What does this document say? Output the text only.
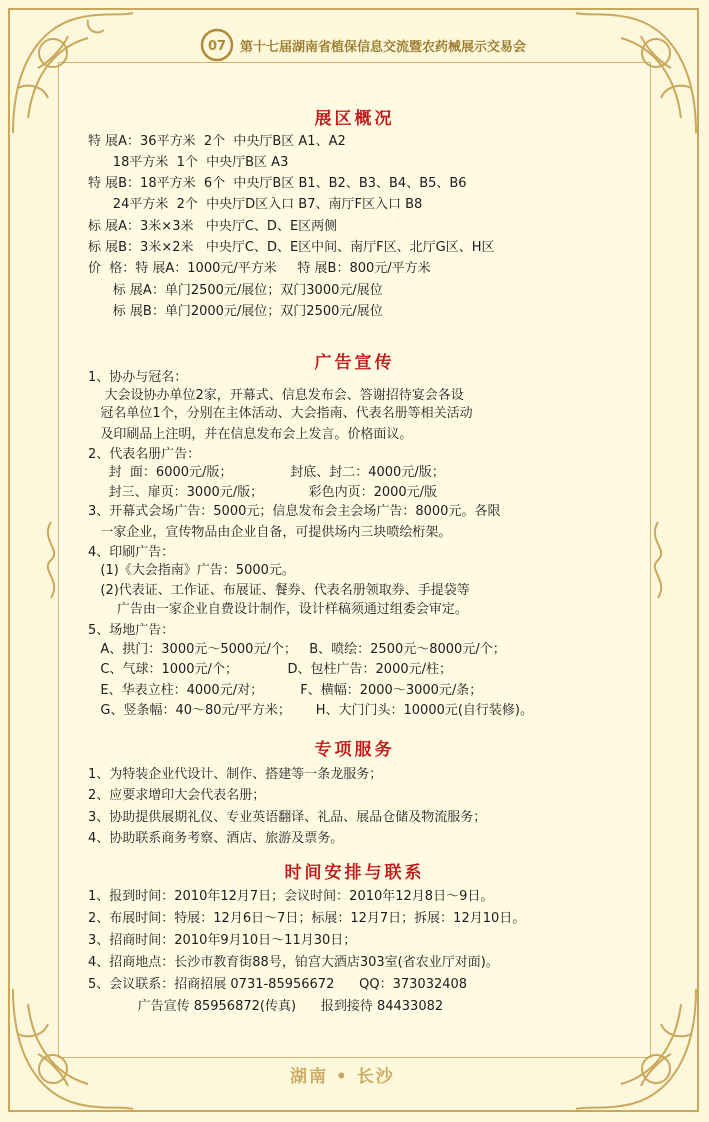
07 第十七届湖南省植保信息交流暨农药械展示交易会
展区概况
广告宣传
专项服务
时间安排与联系
特 展A：36平方米  2个  中央厅B区 A1、A2
18平方米  1个  中央厅B区 A3
特 展B：18平方米  6个  中央厅B区 B1、B2、B3、B4、B5、B6
24平方米  2个  中央厅D区入口 B7、南厅F区入口 B8
标 展A：3米×3米   中央厅C、D、E区两侧
标 展B：3米×2米   中央厅C、D、E区中间、南厅F区、北厅G区、H区
价  格：特 展A：1000元/平方米     特 展B：800元/平方米
标 展A：单门2500元/展位；双门3000元/展位
标 展B：单门2000元/展位；双门2500元/展位
1、协办与冠名：
大会设协办单位2家，开幕式、信息发布会、答谢招待宴会各设
冠名单位1个，分别在主体活动、大会指南、代表名册等相关活动
及印刷品上注明，并在信息发布会上发言。价格面议。
2、代表名册广告：
封  面：6000元/版；              封底、封二：4000元/版；
封三、扉页：3000元/版；           彩色内页：2000元/版
3、开幕式会场广告：5000元；信息发布会主会场广告：8000元。各限
一家企业，宣传物品由企业自备，可提供场内三块喷绘桁架。
4、印刷广告：
(1)《大会指南》广告：5000元。
(2)代表证、工作证、布展证、餐券、代表名册领取券、手提袋等
广告由一家企业自费设计制作，设计样稿须通过组委会审定。
5、场地广告：
A、拱门：3000元～5000元/个；   B、喷绘：2500元～8000元/个；
C、气球：1000元/个；            D、包柱广告：2000元/柱；
E、华表立柱：4000元/对；         F、横幅：2000～3000元/条；
G、竖条幅：40～80元/平方米；      H、大门门头：10000元(自行装修)。
1、为特装企业代设计、制作、搭建等一条龙服务；
2、应要求增印大会代表名册；
3、协助提供展期礼仪、专业英语翻译、礼品、展品仓储及物流服务；
4、协助联系商务考察、酒店、旅游及票务。
1、报到时间：2010年12月7日；会议时间：2010年12月8日～9日。
2、布展时间：特展：12月6日～7日；标展：12月7日；拆展：12月10日。
3、招商时间：2010年9月10日～11月30日；
4、招商地点：长沙市教育街88号，铂宫大酒店303室(省农业厅对面)。
5、会议联系：招商招展 0731-85956672      QQ：373032408
广告宣传 85956872(传真)      报到接待 84433082
湖南 • 长沙
